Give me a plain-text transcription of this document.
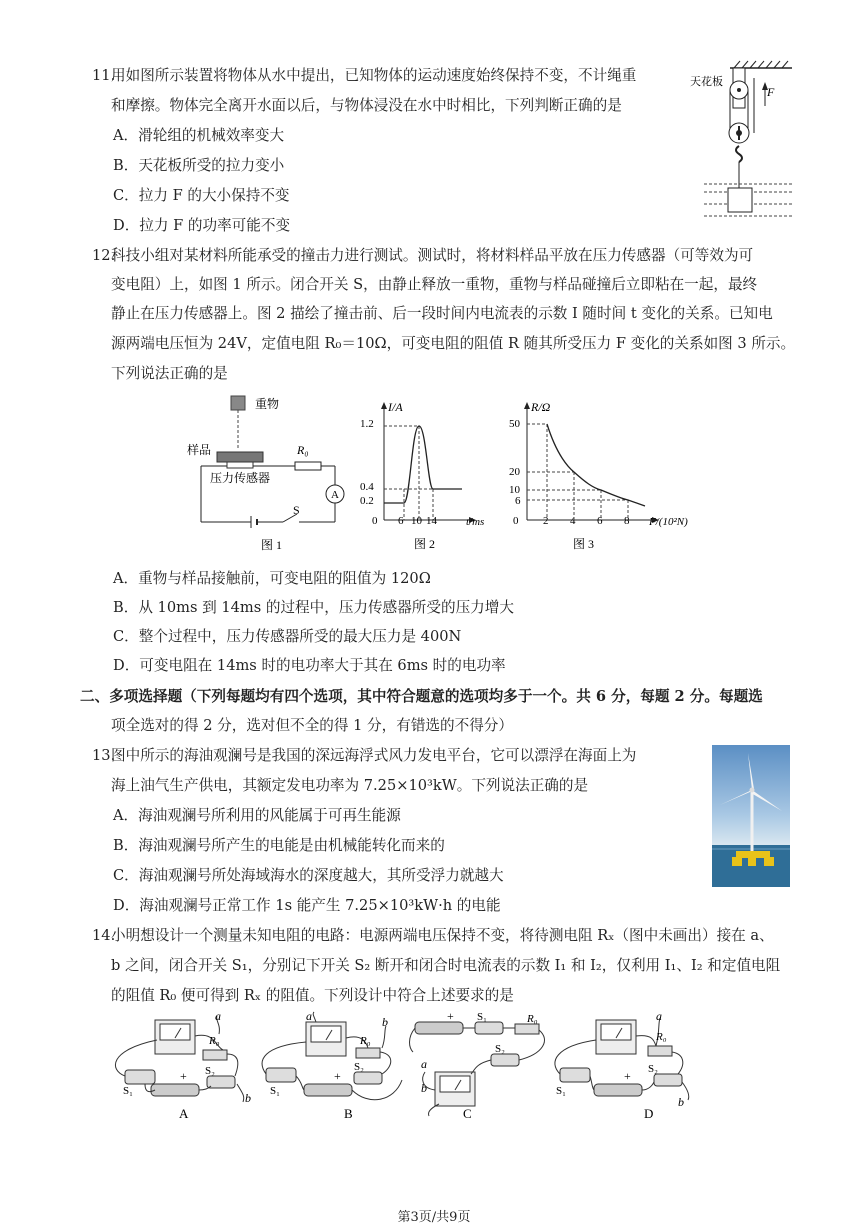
11.
用如图所示装置将物体从水中提出，已知物体的运动速度始终保持不变，不计绳重
和摩擦。物体完全离开水面以后，与物体浸没在水中时相比，下列判断正确的是
A．滑轮组的机械效率变大
B．天花板所受的拉力变小
C．拉力 F 的大小保持不变
D．拉力 F 的功率可能不变
天花板
F
12.
科技小组对某材料所能承受的撞击力进行测试。测试时，将材料样品平放在压力传感器（可等效为可
变电阻）上，如图 1 所示。闭合开关 S，由静止释放一重物，重物与样品碰撞后立即粘在一起，最终
静止在压力传感器上。图 2 描绘了撞击前、后一段时间内电流表的示数 I 随时间 t 变化的关系。已知电
源两端电压恒为 24V，定值电阻 R₀＝10Ω，可变电阻的阻值 R 随其所受压力 F 变化的关系如图 3 所示。
下列说法正确的是
重物
样品
压力传感器
R₀
A
S
图 1
I/A
t/ms
1.2
0.4
0.2
0 6 10 14
图 2
R/Ω
F/(10²N)
50
20
10
6
0 2 4 6 8
图 3
A．重物与样品接触前，可变电阻的阻值为 120Ω
B．从 10ms 到 14ms 的过程中，压力传感器所受的压力增大
C．整个过程中，压力传感器所受的最大压力是 400N
D．可变电阻在 14ms 时的电功率大于其在 6ms 时的电功率
二、多项选择题（下列每题均有四个选项，其中符合题意的选项均多于一个。共 6 分，每题 2 分。每题选
项全选对的得 2 分，选对但不全的得 1 分，有错选的不得分）
13.
图中所示的海油观澜号是我国的深远海浮式风力发电平台，它可以漂浮在海面上为
海上油气生产供电，其额定发电功率为 7.25×10³kW。下列说法正确的是
A．海油观澜号所利用的风能属于可再生能源
B．海油观澜号所产生的电能是由机械能转化而来的
C．海油观澜号所处海域海水的深度越大，其所受浮力就越大
D．海油观澜号正常工作 1s 能产生 7.25×10³kW·h 的电能
14.
小明想设计一个测量未知电阻的电路：电源两端电压保持不变，将待测电阻 Rₓ（图中未画出）接在 a、
b 之间，闭合开关 S₁，分别记下开关 S₂ 断开和闭合时电流表的示数 I₁ 和 I₂，仅利用 I₁、I₂ 和定值电阻
的阻值 R₀ 便可得到 Rₓ 的阻值。下列设计中符合上述要求的是
+
a
b
R₀
S₁
S₂
A
+
a	b
R₀
S₁
S₂
B
+
a
b
R₀
S₁
S₂
C
+
a
R₀
S₁
S₂
D
b
第3页/共9页
